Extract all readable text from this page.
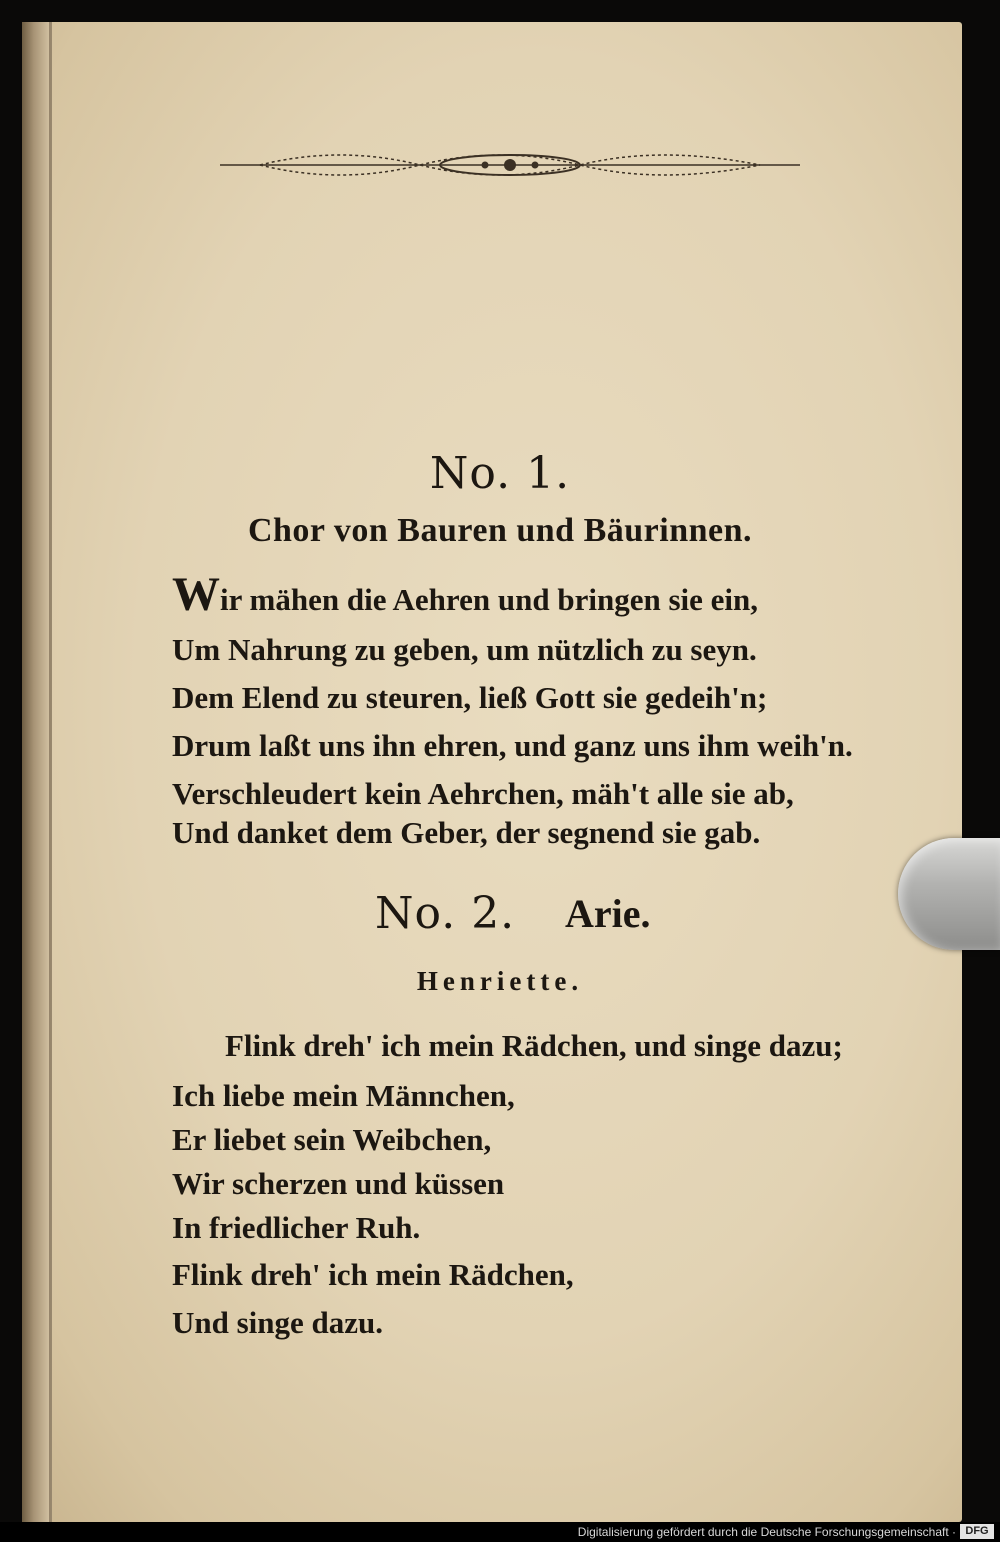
No. 1.
Chor von Bauren und Bäurinnen.
Wir mähen die Aehren und bringen sie ein,
Um Nahrung zu geben, um nützlich zu seyn.
Dem Elend zu steuren, ließ Gott sie gedeih'n;
Drum laßt uns ihn ehren, und ganz uns ihm weih'n.
Verschleudert kein Aehrchen, mäh't alle sie ab,
Und danket dem Geber, der segnend sie gab.
No. 2. Arie.
Henriette.
Flink dreh' ich mein Rädchen, und singe dazu;
Ich liebe mein Männchen,
Er liebet sein Weibchen,
Wir scherzen und küssen
In friedlicher Ruh.
Flink dreh' ich mein Rädchen,
Und singe dazu.
Digitalisierung gefördert durch die Deutsche Forschungsgemeinschaft · DFG
